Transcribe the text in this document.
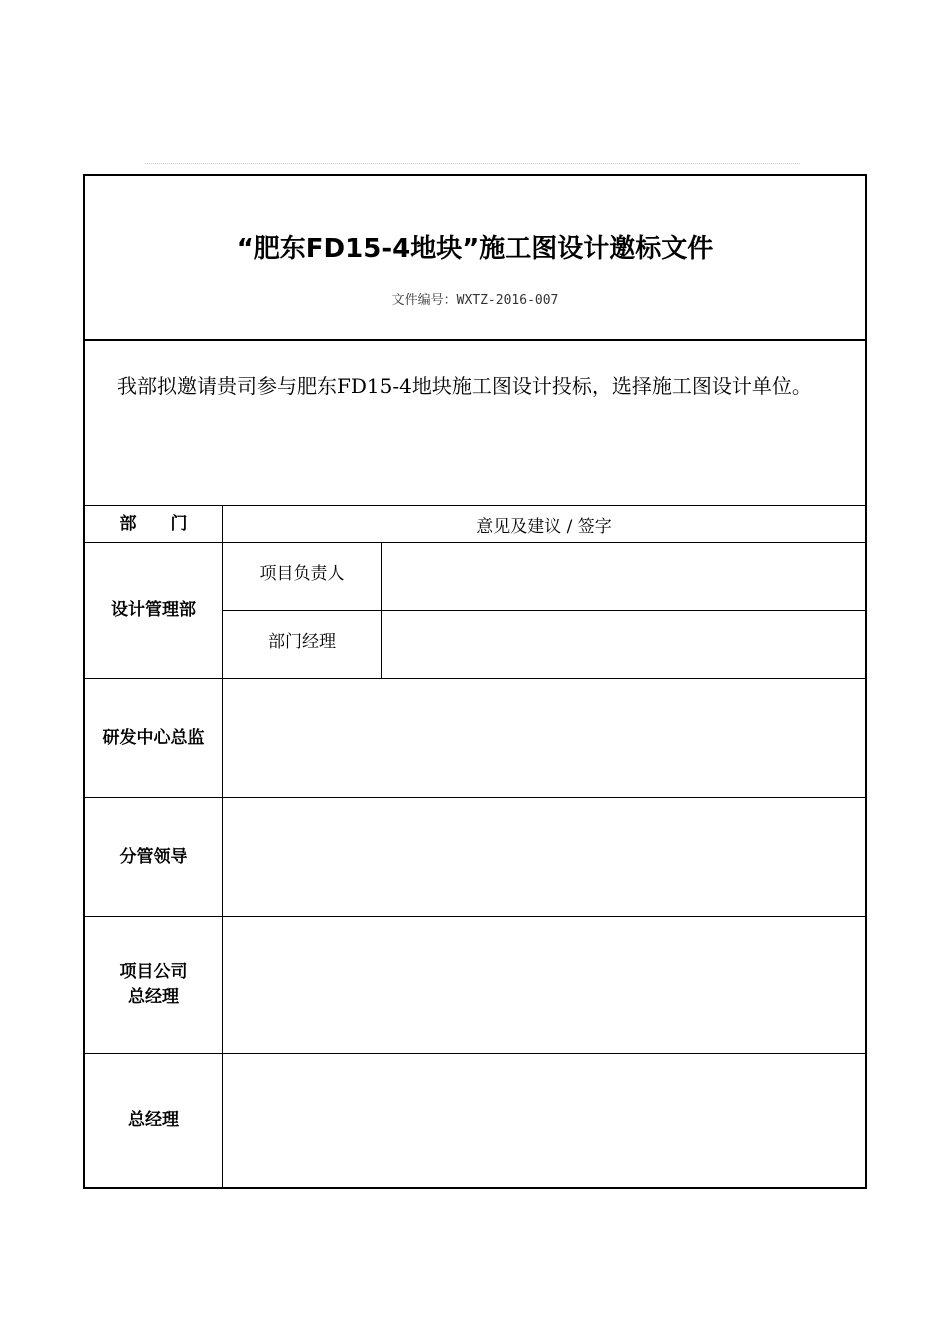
“肥东FD15-4地块”施工图设计邀标文件
文件编号：WXTZ-2016-007
我部拟邀请贵司参与肥东FD15-4地块施工图设计投标，选择施工图设计单位。
部　　门	意见及建议 / 签字
设计管理部
项目负责人
部门经理
研发中心总监
分管领导
项目公司
总经理
总经理
